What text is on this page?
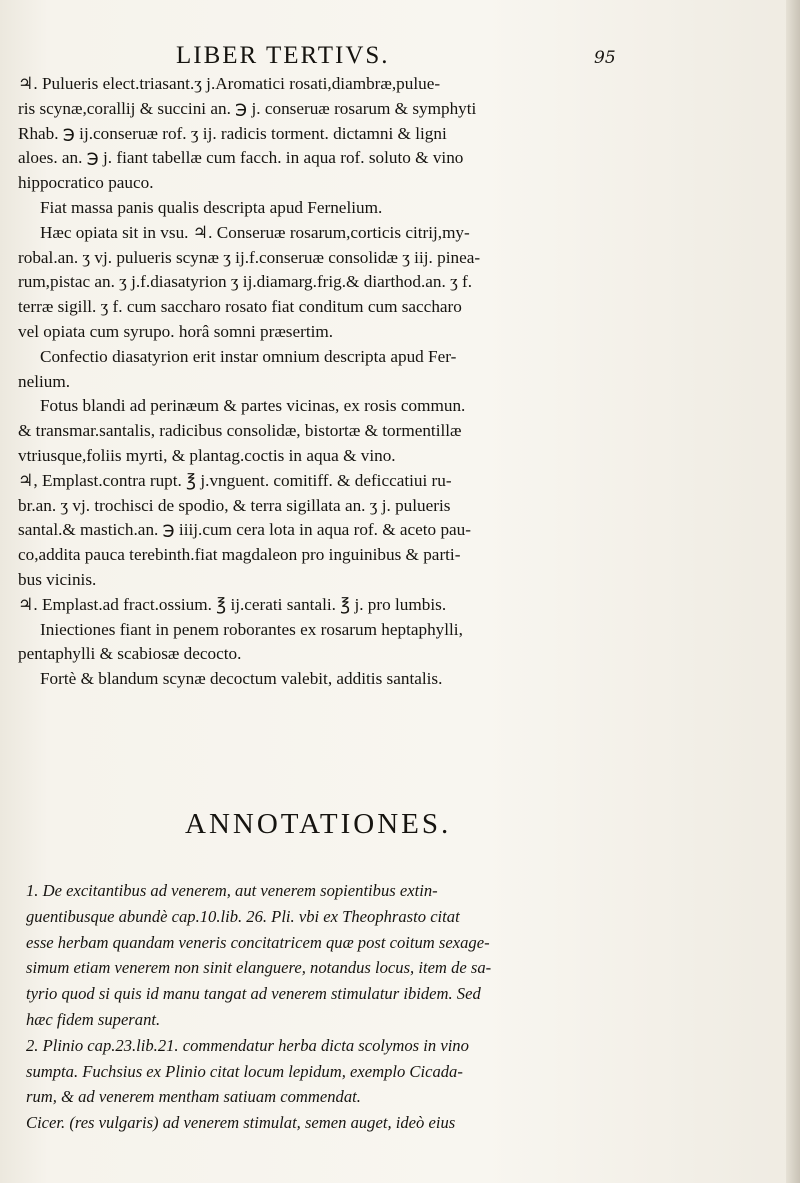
LIBER TERTIVS.	95
♃. Pulueris elect.triasant.ʒ j.Aromatici rosati,diambræ,pulue-
ris scynæ,corallij & succini an. ℈ j. conseruæ rosarum & symphyti
Rhab. ℈ ij.conseruæ rof. ʒ ij. radicis torment. dictamni & ligni
aloes. an. ℈ j. fiant tabellæ cum facch. in aqua rof. soluto & vino
hippocratico pauco.
Fiat massa panis qualis descripta apud Fernelium.
Hæc opiata sit in vsu. ♃. Conseruæ rosarum,corticis citrij,my-
robal.an. ʒ vj. pulueris scynæ ʒ ij.f.conseruæ consolidæ ʒ iij. pinea-
rum,pistac an. ʒ j.f.diasatyrion ʒ ij.diamarg.frig.& diarthod.an. ʒ f.
terræ sigill. ʒ f. cum saccharo rosato fiat conditum cum saccharo
vel opiata cum syrupo. horâ somni præsertim.
Confectio diasatyrion erit instar omnium descripta apud Fer-
nelium.
Fotus blandi ad perinæum & partes vicinas, ex rosis commun.
& transmar.santalis, radicibus consolidæ, bistortæ & tormentillæ
vtriusque,foliis myrti, & plantag.coctis in aqua & vino.
♃, Emplast.contra rupt. ℥ j.vnguent. comitiff. & deficcatiui ru-
br.an. ʒ vj. trochisci de spodio, & terra sigillata an. ʒ j. pulueris
santal.& mastich.an. ℈ iiij.cum cera lota in aqua rof. & aceto pau-
co,addita pauca terebinth.fiat magdaleon pro inguinibus & parti-
bus vicinis.
♃. Emplast.ad fract.ossium. ℥ ij.cerati santali. ℥ j. pro lumbis.
Iniectiones fiant in penem roborantes ex rosarum heptaphylli,
pentaphylli & scabiosæ decocto.
Fortè & blandum scynæ decoctum valebit, additis santalis.
ANNOTATIONES.
1. De excitantibus ad venerem, aut venerem sopientibus extin-
guentibusque abundè cap.10.lib. 26. Pli. vbi ex Theophrasto citat
esse herbam quandam veneris concitatricem quæ post coitum sexage-
simum etiam venerem non sinit elanguere, notandus locus, item de sa-
tyrio quod si quis id manu tangat ad venerem stimulatur ibidem. Sed
hæc fidem superant.
2. Plinio cap.23.lib.21. commendatur herba dicta scolymos in vino
sumpta. Fuchsius ex Plinio citat locum lepidum, exemplo Cicada-
rum, & ad venerem mentham satiuam commendat.
Cicer. (res vulgaris) ad venerem stimulat, semen auget, ideò eius
